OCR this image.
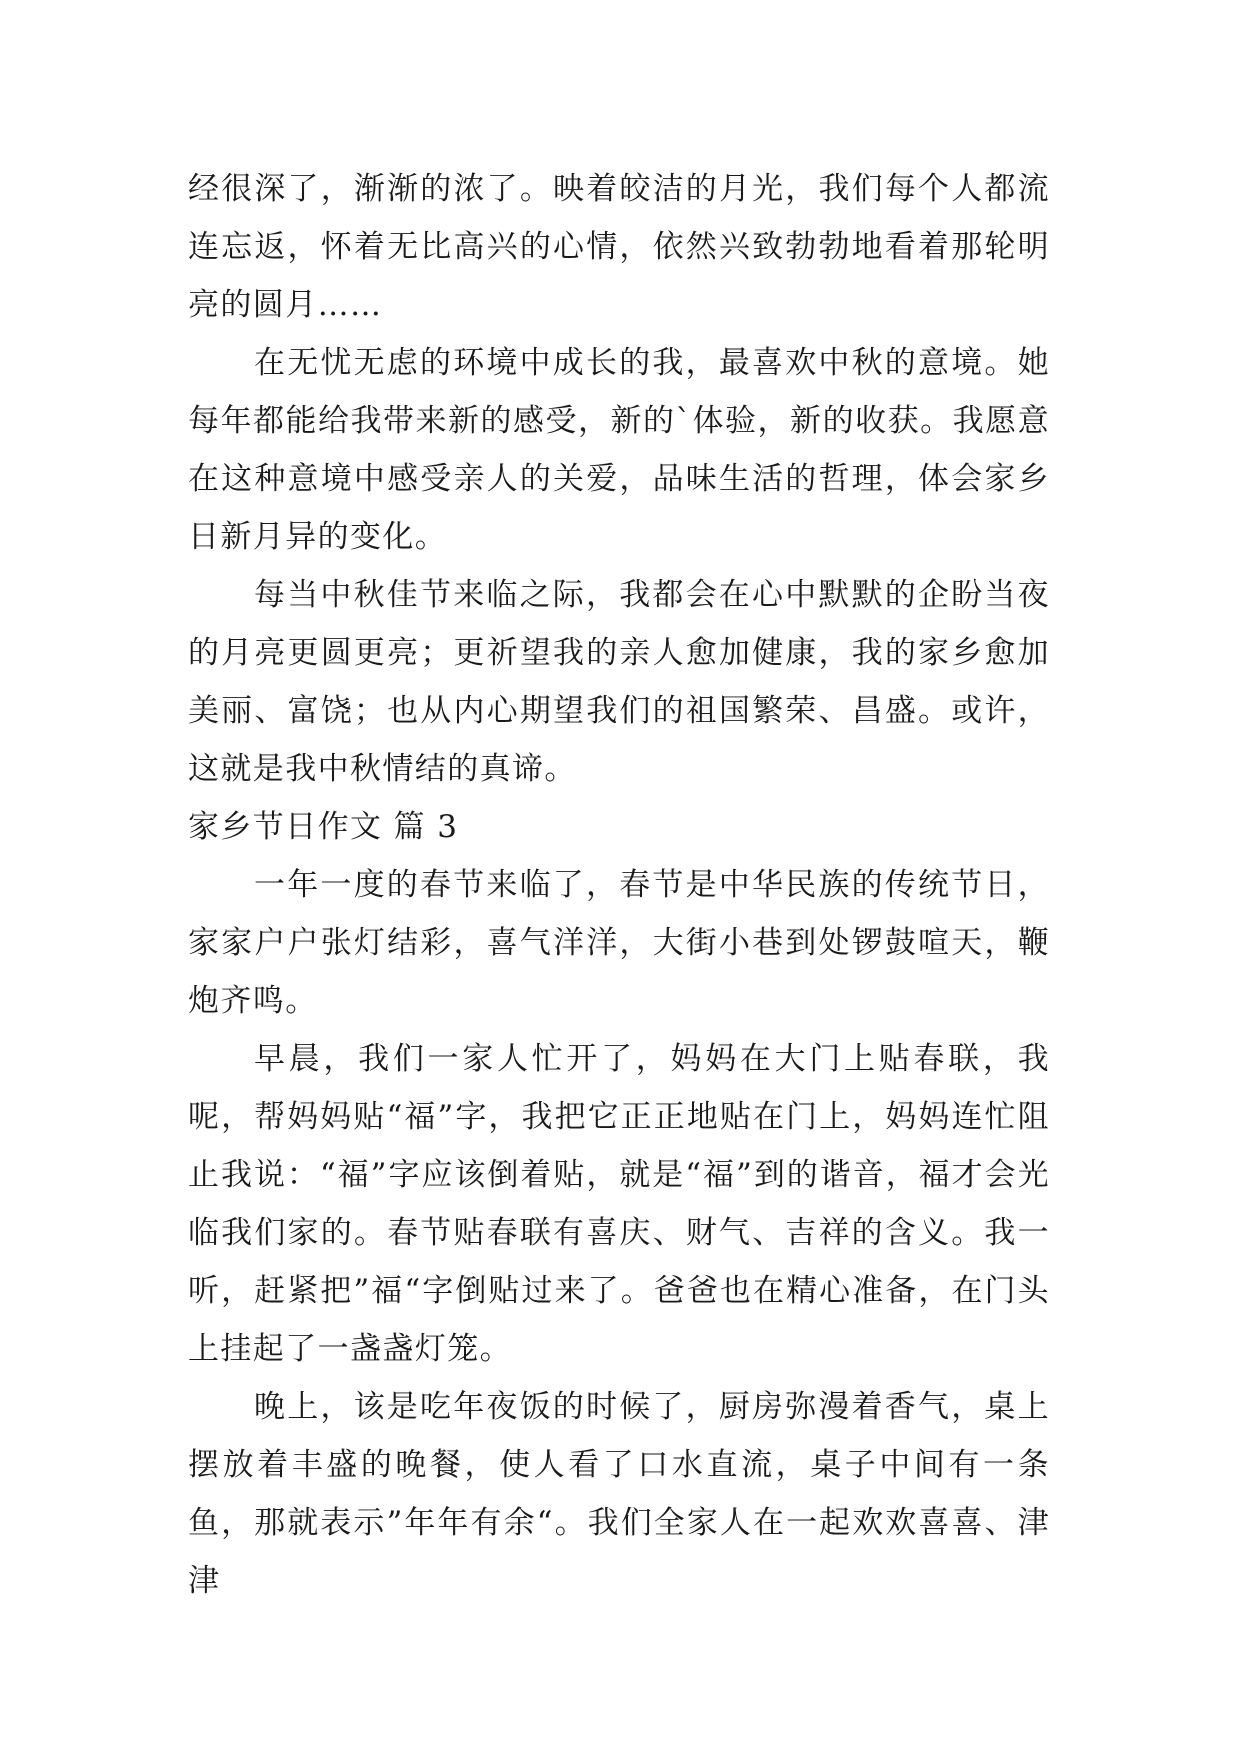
经很深了，渐渐的浓了。映着皎洁的月光，我们每个人都流连忘返，怀着无比高兴的心情，依然兴致勃勃地看着那轮明亮的圆月……

在无忧无虑的环境中成长的我，最喜欢中秋的意境。她每年都能给我带来新的感受，新的`体验，新的收获。我愿意在这种意境中感受亲人的关爱，品味生活的哲理，体会家乡日新月异的变化。

每当中秋佳节来临之际，我都会在心中默默的企盼当夜的月亮更圆更亮；更祈望我的亲人愈加健康，我的家乡愈加美丽、富饶；也从内心期望我们的祖国繁荣、昌盛。或许，这就是我中秋情结的真谛。

家乡节日作文 篇 3

一年一度的春节来临了，春节是中华民族的传统节日，家家户户张灯结彩，喜气洋洋，大街小巷到处锣鼓喧天，鞭炮齐鸣。

早晨，我们一家人忙开了，妈妈在大门上贴春联，我呢，帮妈妈贴“福”字，我把它正正地贴在门上，妈妈连忙阻止我说：“福”字应该倒着贴，就是“福”到的谐音，福才会光临我们家的。春节贴春联有喜庆、财气、吉祥的含义。我一听，赶紧把”福“字倒贴过来了。爸爸也在精心准备，在门头上挂起了一盏盏灯笼。

晚上，该是吃年夜饭的时候了，厨房弥漫着香气，桌上摆放着丰盛的晚餐，使人看了口水直流，桌子中间有一条鱼，那就表示”年年有余“。我们全家人在一起欢欢喜喜、津津
